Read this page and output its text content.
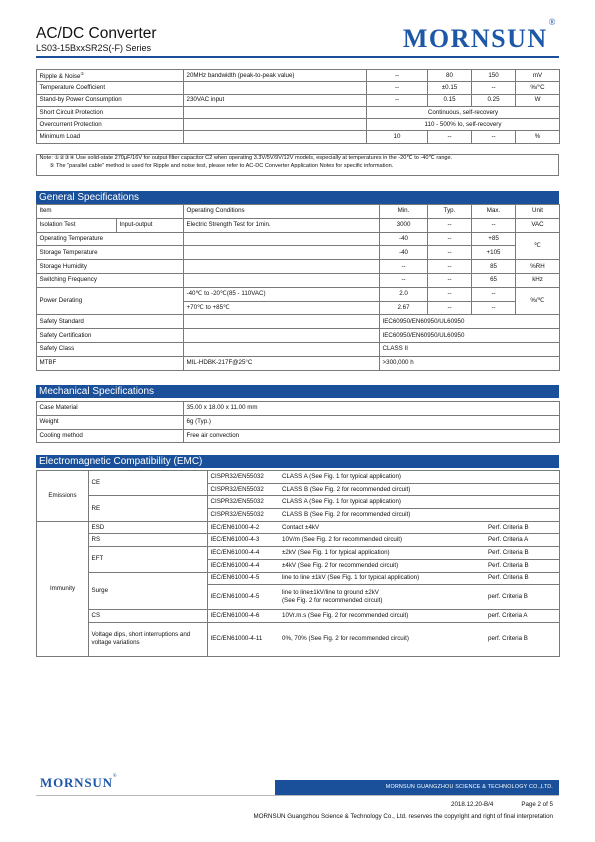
AC/DC Converter
LS03-15BxxSR2S(-F) Series	MORNSUN®
Ripple & Noise①	20MHz bandwidth (peak-to-peak value)	--	80	150	mV
Temperature Coefficient		--	±0.15	--	%/°C
Stand-by Power Consumption	230VAC input	--	0.15	0.25	W
Short Circuit Protection		Continuous, self-recovery			
Overcurrent Protection		110 - 500% Io, self-recovery			
Minimum Load		10	--	--	%
Note: ①②③④ Use solid-state 270µF/16V for output filter capacitor C2 when operating 3.3V/5V/9V/12V models, especially at temperatures in the -20℃ to -40℃ range.
⑤ The "parallel cable" method is used for Ripple and noise test, please refer to AC-DC Converter Application Notes for specific information.
General Specifications
Item		Operating Conditions	Min.	Typ.	Max.	Unit
Isolation Test	Input-output	Electric Strength Test for 1min.	3000	--	--	VAC
Operating Temperature			-40	--	+85	℃
Storage Temperature			-40	--	+105	
Storage Humidity			--	--	85	%RH
Switching Frequency			--	--	65	kHz
Power Derating		-40℃ to -20℃(85 - 110VAC)	2.0	--	--	%/℃
		+70℃ to +85℃	2.67	--	--	
Safety Standard			IEC60950/EN60950/UL60950			
Safety Certification			IEC60950/EN60950/UL60950			
Safety Class			CLASS II			
MTBF		MIL-HDBK-217F@25°C	>300,000 h			
Mechanical Specifications
Case Material	35.00 x 18.00 x 11.00 mm
Weight	6g (Typ.)
Cooling method	Free air convection
Electromagnetic Compatibility (EMC)
Emissions	CE	CISPR32/EN55032	CLASS A (See Fig. 1 for typical application)	
		CISPR32/EN55032	CLASS B (See Fig. 2 for recommended circuit)	
	RE	CISPR32/EN55032	CLASS A (See Fig. 1 for typical application)	
		CISPR32/EN55032	CLASS B (See Fig. 2 for recommended circuit)	
Immunity	ESD	IEC/EN61000-4-2	Contact ±4kV	Perf. Criteria B
	RS	IEC/EN61000-4-3	10V/m (See Fig. 2 for recommended circuit)	Perf. Criteria A
	EFT	IEC/EN61000-4-4	±2kV (See Fig. 1 for typical application)	Perf. Criteria B
		IEC/EN61000-4-4	±4kV (See Fig. 2 for recommended circuit)	Perf. Criteria B
	Surge	IEC/EN61000-4-5	line to line ±1kV (See Fig. 1 for typical application)	Perf. Criteria B
		IEC/EN61000-4-5	line to line±1kV/line to ground ±2kV
(See Fig. 2 for recommended circuit)	perf. Criteria B
	CS	IEC/EN61000-4-6	10Vr.m.s (See Fig. 2 for recommended circuit)	perf. Criteria A
	Voltage dips, short interruptions and voltage variations	IEC/EN61000-4-11	0%, 70% (See Fig. 2 for recommended circuit)	perf. Criteria B
MORNSUN®
MORNSUN GUANGZHOU SCIENCE & TECHNOLOGY CO.,LTD.
2018.12.20-B/4	Page 2 of 5
MORNSUN Guangzhou Science & Technology Co., Ltd. reserves the copyright and right of final interpretation
